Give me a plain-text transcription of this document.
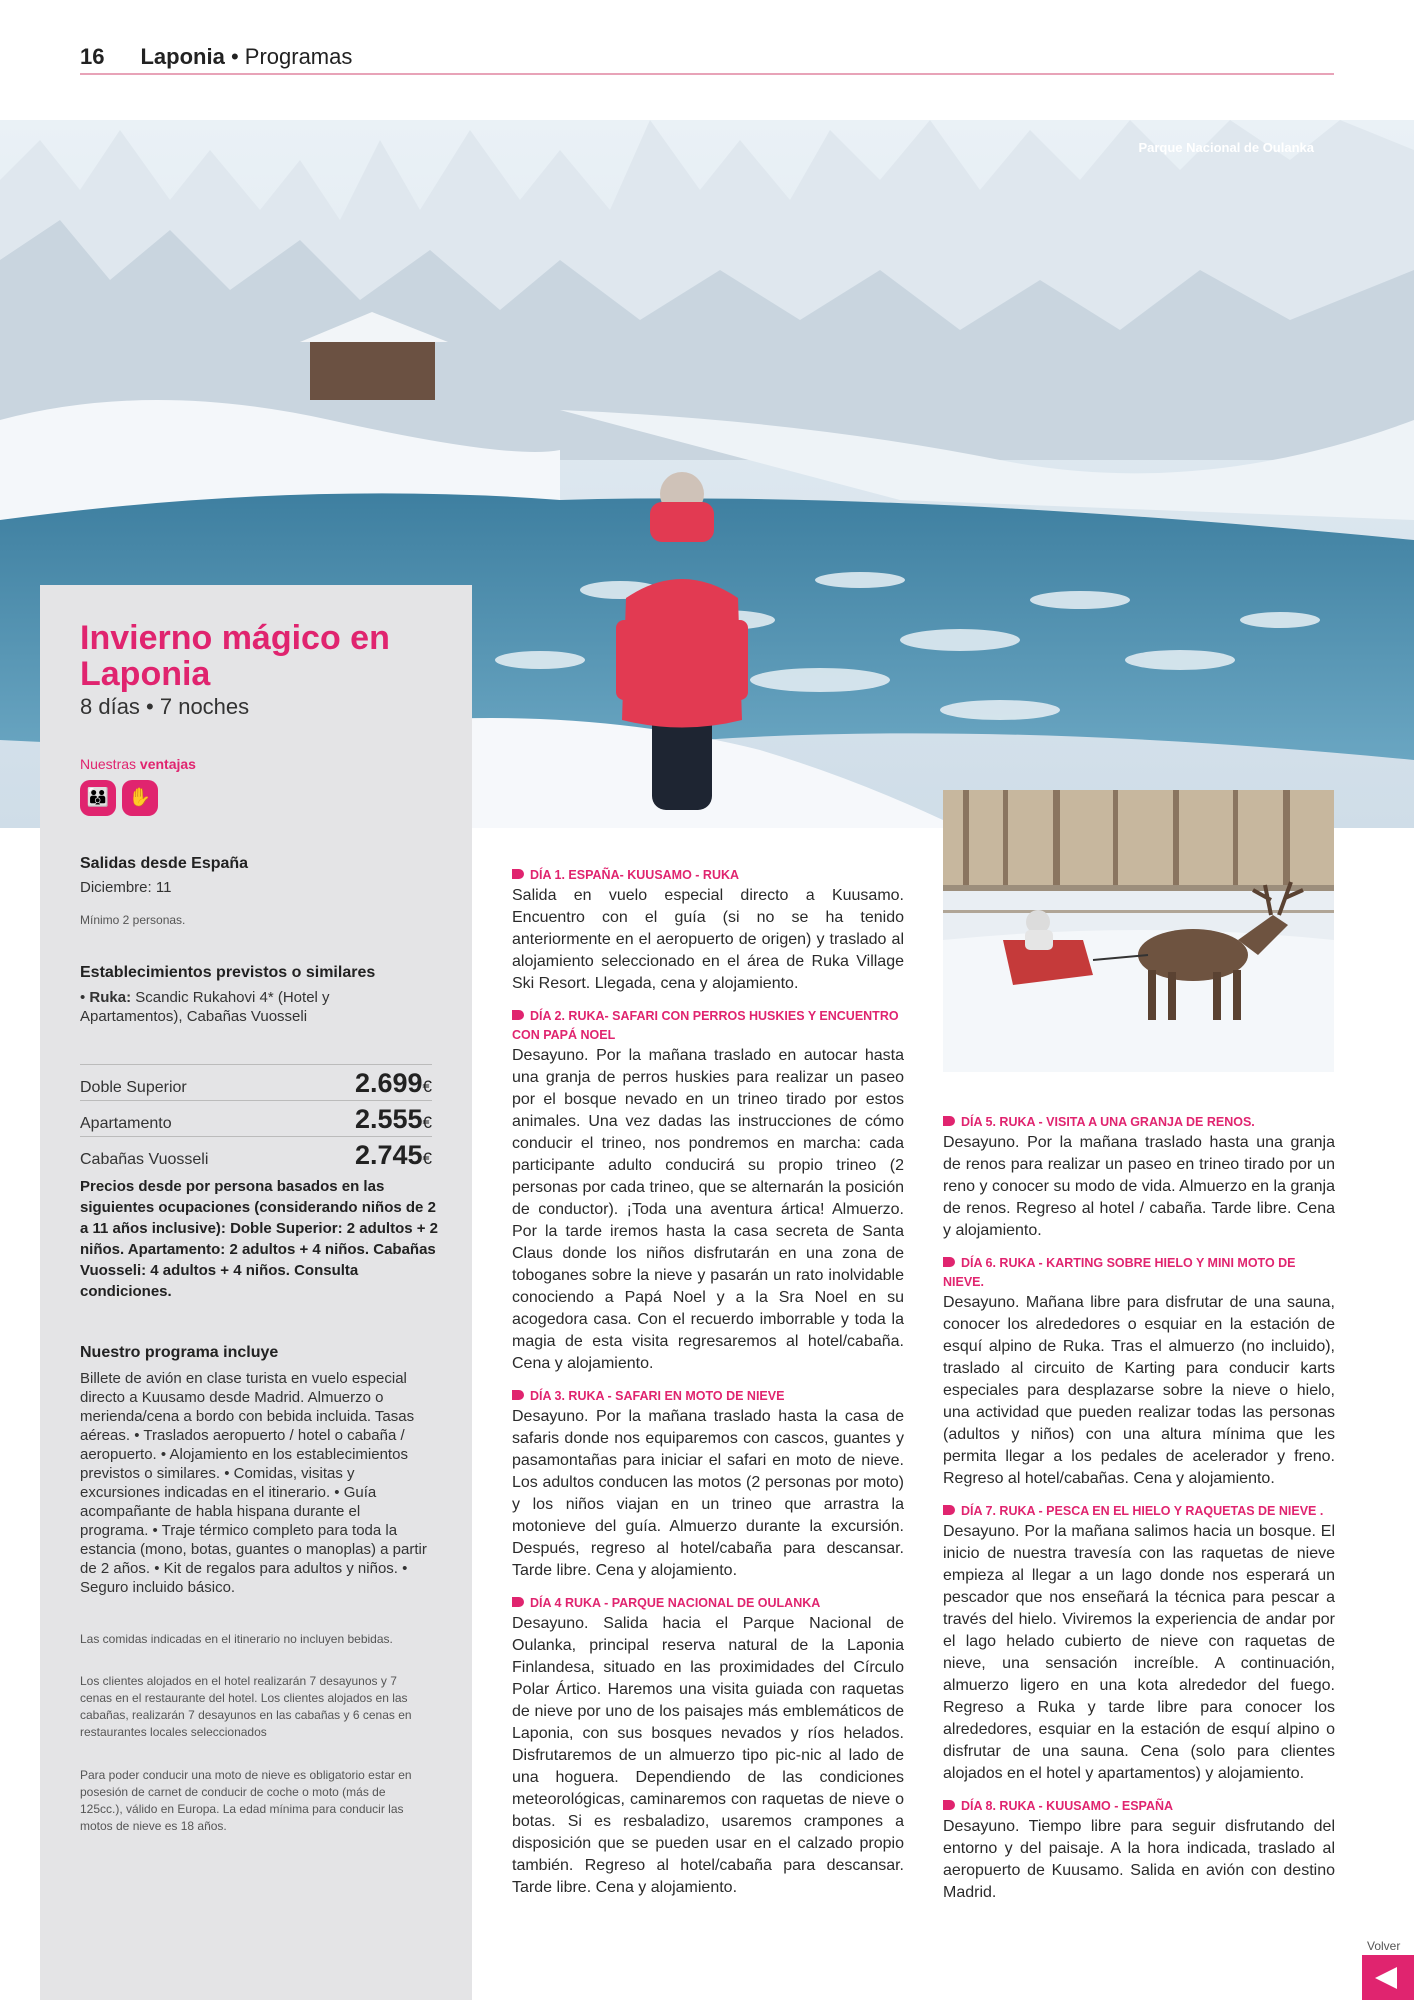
16 Laponia • Programas
Parque Nacional de Oulanka
Invierno mágico en Laponia
8 días • 7 noches
Nuestras ventajas
👪	✋
Salidas desde España
Diciembre: 11
Mínimo 2 personas.
Establecimientos previstos o similares
• Ruka: Scandic Rukahovi 4* (Hotel y Apartamentos), Cabañas Vuosseli
Doble Superior	2.699€
Apartamento	2.555€
Cabañas Vuosseli	2.745€
Precios desde por persona basados en las siguientes ocupaciones (considerando niños de 2 a 11 años inclusive): Doble Superior: 2 adultos + 2 niños. Apartamento: 2 adultos + 4 niños. Cabañas Vuosseli: 4 adultos + 4 niños. Consulta condiciones.
Nuestro programa incluye
Billete de avión en clase turista en vuelo especial directo a Kuusamo desde Madrid. Almuerzo o merienda/cena a bordo con bebida incluida. Tasas aéreas. • Traslados aeropuerto / hotel o cabaña / aeropuerto. • Alojamiento en los establecimientos previstos o similares. • Comidas, visitas y excursiones indicadas en el itinerario. • Guía acompañante de habla hispana durante el programa. • Traje térmico completo para toda la estancia (mono, botas, guantes o manoplas) a partir de 2 años. • Kit de regalos para adultos y niños. • Seguro incluido básico.
Las comidas indicadas en el itinerario no incluyen bebidas.
Los clientes alojados en el hotel realizarán 7 desayunos y 7 cenas en el restaurante del hotel. Los clientes alojados en las cabañas, realizarán 7 desayunos en las cabañas y 6 cenas en restaurantes locales seleccionados
Para poder conducir una moto de nieve es obligatorio estar en posesión de carnet de conducir de coche o moto (más de 125cc.), válido en Europa. La edad mínima para conducir las motos de nieve es 18 años.
DÍA 1. ESPAÑA- KUUSAMO - RUKA
Salida en vuelo especial directo a Kuusamo. Encuentro con el guía (si no se ha tenido anteriormente en el aeropuerto de origen) y traslado al alojamiento seleccionado en el área de Ruka Village Ski Resort. Llegada, cena y alojamiento.
DÍA 2. RUKA- SAFARI CON PERROS HUSKIES Y ENCUENTRO CON PAPÁ NOEL
Desayuno. Por la mañana traslado en autocar hasta una granja de perros huskies para realizar un paseo por el bosque nevado en un trineo tirado por estos animales. Una vez dadas las instrucciones de cómo conducir el trineo, nos pondremos en marcha: cada participante adulto conducirá su propio trineo (2 personas por cada trineo, que se alternarán la posición de conductor). ¡Toda una aventura ártica! Almuerzo. Por la tarde iremos hasta la casa secreta de Santa Claus donde los niños disfrutarán en una zona de toboganes sobre la nieve y pasarán un rato inolvidable conociendo a Papá Noel y a la Sra Noel en su acogedora casa. Con el recuerdo imborrable y toda la magia de esta visita regresaremos al hotel/cabaña. Cena y alojamiento.
DÍA 3. RUKA - SAFARI EN MOTO DE NIEVE
Desayuno. Por la mañana traslado hasta la casa de safaris donde nos equiparemos con cascos, guantes y pasamontañas para iniciar el safari en moto de nieve. Los adultos conducen las motos (2 personas por moto) y los niños viajan en un trineo que arrastra la motonieve del guía. Almuerzo durante la excursión. Después, regreso al hotel/cabaña para descansar. Tarde libre. Cena y alojamiento.
DÍA 4 RUKA - PARQUE NACIONAL DE OULANKA
Desayuno. Salida hacia el Parque Nacional de Oulanka, principal reserva natural de la Laponia Finlandesa, situado en las proximidades del Círculo Polar Ártico. Haremos una visita guiada con raquetas de nieve por uno de los paisajes más emblemáticos de Laponia, con sus bosques nevados y ríos helados. Disfrutaremos de un almuerzo tipo pic-nic al lado de una hoguera. Dependiendo de las condiciones meteorológicas, caminaremos con raquetas de nieve o botas. Si es resbaladizo, usaremos crampones a disposición que se pueden usar en el calzado propio también. Regreso al hotel/cabaña para descansar. Tarde libre. Cena y alojamiento.
DÍA 5. RUKA - VISITA A UNA GRANJA DE RENOS.
Desayuno. Por la mañana traslado hasta una granja de renos para realizar un paseo en trineo tirado por un reno y conocer su modo de vida. Almuerzo en la granja de renos. Regreso al hotel / cabaña. Tarde libre. Cena y alojamiento.
DÍA 6. RUKA - KARTING SOBRE HIELO Y MINI MOTO DE NIEVE.
Desayuno. Mañana libre para disfrutar de una sauna, conocer los alrededores o esquiar en la estación de esquí alpino de Ruka. Tras el almuerzo (no incluido), traslado al circuito de Karting para conducir karts especiales para desplazarse sobre la nieve o hielo, una actividad que pueden realizar todas las personas (adultos y niños) con una altura mínima que les permita llegar a los pedales de acelerador y freno. Regreso al hotel/cabañas. Cena y alojamiento.
DÍA 7. RUKA - PESCA EN EL HIELO Y RAQUETAS DE NIEVE .
Desayuno. Por la mañana salimos hacia un bosque. El inicio de nuestra travesía con las raquetas de nieve empieza al llegar a un lago donde nos esperará un pescador que nos enseñará la técnica para pescar a través del hielo. Viviremos la experiencia de andar por el lago helado cubierto de nieve con raquetas de nieve, una sensación increíble. A continuación, almuerzo ligero en una kota alrededor del fuego. Regreso a Ruka y tarde libre para conocer los alrededores, esquiar en la estación de esquí alpino o disfrutar de una sauna. Cena (solo para clientes alojados en el hotel y apartamentos) y alojamiento.
DÍA 8. RUKA - KUUSAMO - ESPAÑA
Desayuno. Tiempo libre para seguir disfrutando del entorno y del paisaje. A la hora indicada, traslado al aeropuerto de Kuusamo. Salida en avión con destino Madrid.
Volver
